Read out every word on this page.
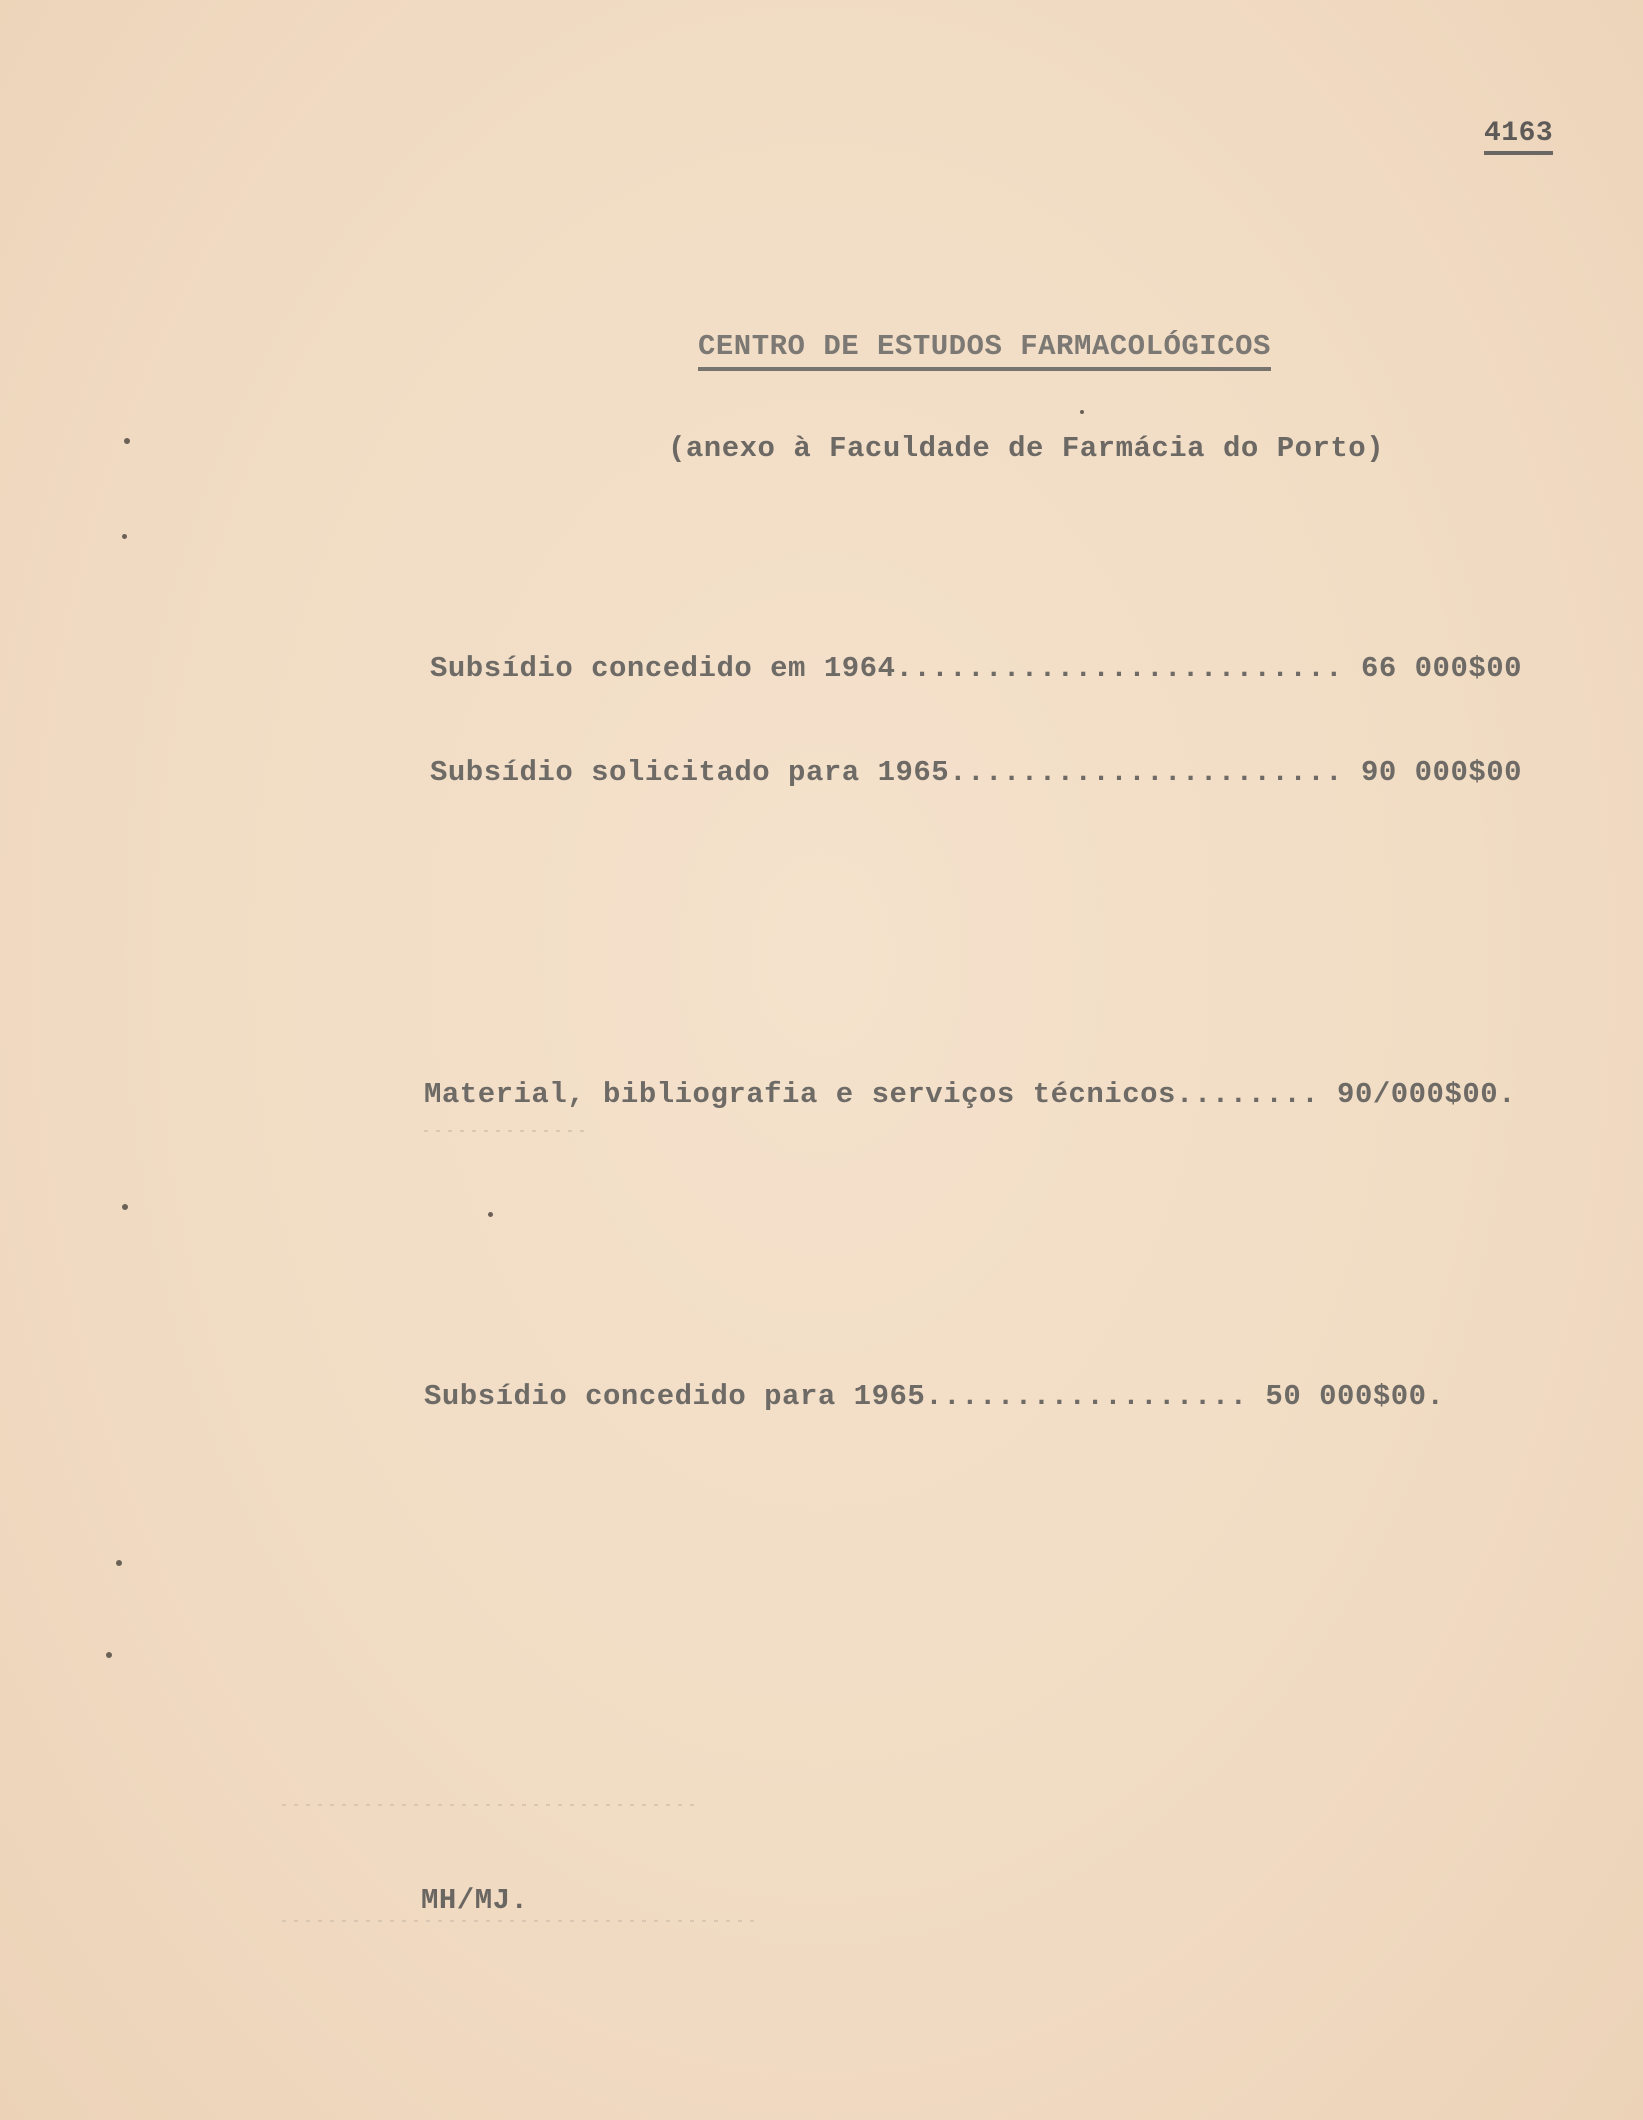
4163
CENTRO DE ESTUDOS FARMACOLÓGICOS
(anexo à Faculdade de Farmácia do Porto)
Subsídio concedido em 1964......................... 66 000$00
Subsídio solicitado para 1965...................... 90 000$00
Material, bibliografia e serviços técnicos........ 90/000$00.
Subsídio concedido para 1965.................. 50 000$00.
MH/MJ.
